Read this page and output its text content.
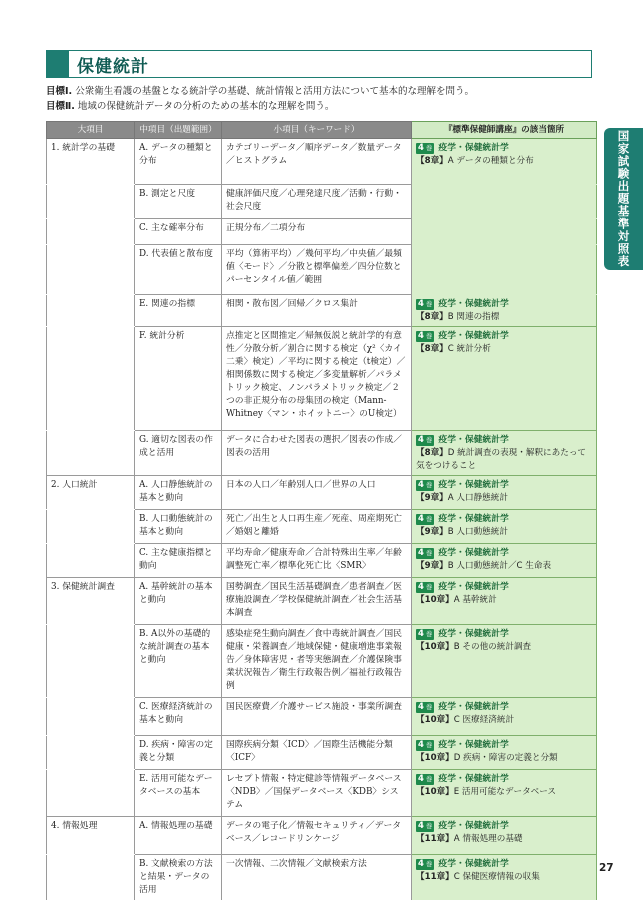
保健統計
目標Ⅰ. 公衆衛生看護の基盤となる統計学の基礎、統計情報と活用方法について基本的な理解を問う。
目標Ⅱ. 地域の保健統計データの分析のための基本的な理解を問う。
国家試験出題基準対照表
大項目	中項目（出題範囲）	小項目（キーワード）	『標準保健師講座』の該当箇所
1. 統計学の基礎	A. データの種類と分布	カテゴリーデータ／順序データ／数量データ／ヒストグラム	4 巻 疫学・保健統計学
【8章】A データの種類と分布

	B. 測定と尺度	健康評価尺度／心理発達尺度／活動・行動・社会尺度	
	C. 主な確率分布	正規分布／二項分布	
	D. 代表値と散布度	平均（算術平均）／幾何平均／中央値／最頻値〈モード〉／分散と標準偏差／四分位数とパーセンタイル値／範囲	
	E. 関連の指標	相関・散布図／回帰／クロス集計	4 巻 疫学・保健統計学
【8章】B 関連の指標

	F. 統計分析	点推定と区間推定／帰無仮説と統計学的有意性／分散分析／割合に関する検定（χ²〈カイ二乗〉検定）／平均に関する検定（t検定）／相関係数に関する検定／多変量解析／パラメトリック検定、ノンパラメトリック検定／２つの非正規分布の母集団の検定（Mann-Whitney〈マン・ホイットニー〉のU検定）	4 巻 疫学・保健統計学
【8章】C 統計分析

	G. 適切な図表の作成と活用	データに合わせた図表の選択／図表の作成／図表の活用	4 巻 疫学・保健統計学
【8章】D 統計調査の表現・解釈にあたって気をつけること

2. 人口統計	A. 人口静態統計の基本と動向	日本の人口／年齢別人口／世界の人口	4 巻 疫学・保健統計学
【9章】A 人口静態統計

	B. 人口動態統計の基本と動向	死亡／出生と人口再生産／死産、周産期死亡／婚姻と離婚	4 巻 疫学・保健統計学
【9章】B 人口動態統計

	C. 主な健康指標と動向	平均寿命／健康寿命／合計特殊出生率／年齢調整死亡率／標準化死亡比〈SMR〉	4 巻 疫学・保健統計学
【9章】B 人口動態統計／C 生命表

3. 保健統計調査	A. 基幹統計の基本と動向	国勢調査／国民生活基礎調査／患者調査／医療施設調査／学校保健統計調査／社会生活基本調査	4 巻 疫学・保健統計学
【10章】A 基幹統計

	B. A以外の基礎的な統計調査の基本と動向	感染症発生動向調査／食中毒統計調査／国民健康・栄養調査／地域保健・健康増進事業報告／身体障害児・者等実態調査／介護保険事業状況報告／衛生行政報告例／福祉行政報告例	4 巻 疫学・保健統計学
【10章】B その他の統計調査

	C. 医療経済統計の基本と動向	国民医療費／介護サービス施設・事業所調査	4 巻 疫学・保健統計学
【10章】C 医療経済統計

	D. 疾病・障害の定義と分類	国際疾病分類〈ICD〉／国際生活機能分類〈ICF〉	4 巻 疫学・保健統計学
【10章】D 疾病・障害の定義と分類

	E. 活用可能なデータベースの基本	レセプト情報・特定健診等情報データベース〈NDB〉／国保データベース〈KDB〉システム	4 巻 疫学・保健統計学
【10章】E 活用可能なデータベース

4. 情報処理	A. 情報処理の基礎	データの電子化／情報セキュリティ／データベース／レコードリンケージ	4 巻 疫学・保健統計学
【11章】A 情報処理の基礎

	B. 文献検索の方法と結果・データの活用	一次情報、二次情報／文献検索方法	4 巻 疫学・保健統計学
【11章】C 保健医療情報の収集
27
